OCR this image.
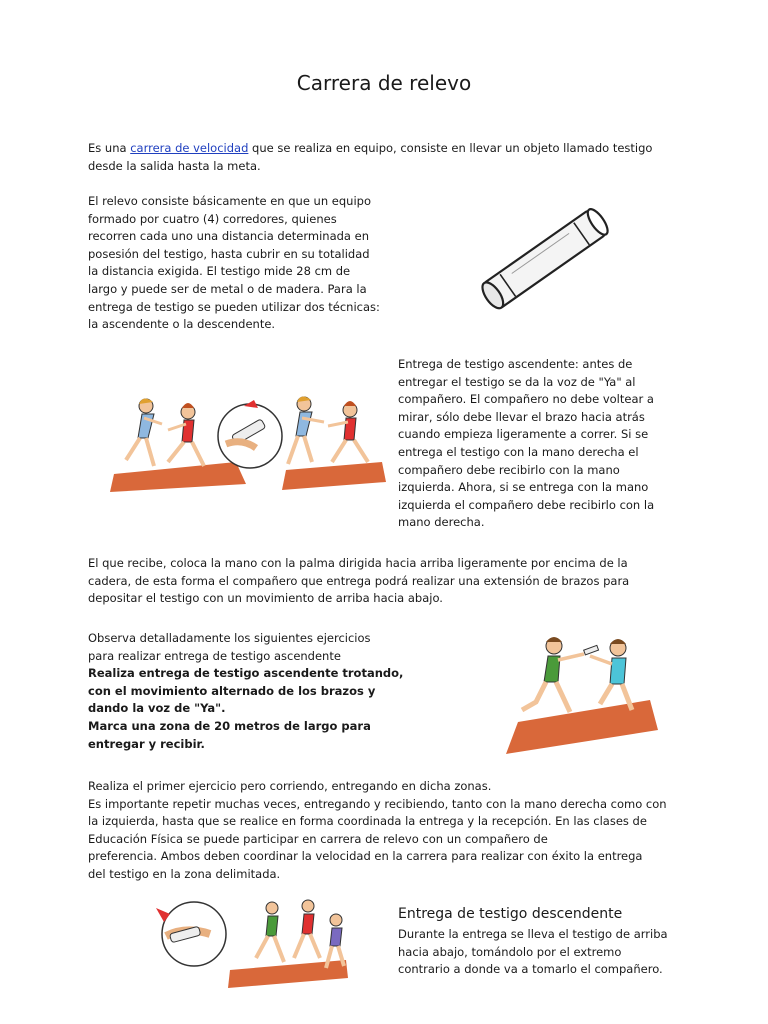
Carrera de relevo

Es una carrera de velocidad que se realiza en equipo, consiste en llevar un objeto llamado testigo
desde la salida hasta la meta.

El relevo consiste básicamente en que un equipo
formado por cuatro (4) corredores, quienes
recorren cada uno una distancia determinada en
posesión del testigo, hasta cubrir en su totalidad
la distancia exigida. El testigo mide 28 cm de
largo y puede ser de metal o de madera. Para la
entrega de testigo se pueden utilizar dos técnicas:
la ascendente o la descendente.

Entrega de testigo ascendente: antes de
entregar el testigo se da la voz de "Ya" al
compañero. El compañero no debe voltear a
mirar, sólo debe llevar el brazo hacia atrás
cuando empieza ligeramente a correr. Si se
entrega el testigo con la mano derecha el
compañero debe recibirlo con la mano
izquierda. Ahora, si se entrega con la mano
izquierda el compañero debe recibirlo con la
mano derecha.

El que recibe, coloca la mano con la palma dirigida hacia arriba ligeramente por encima de la
cadera, de esta forma el compañero que entrega podrá realizar una extensión de brazos para
depositar el testigo con un movimiento de arriba hacia abajo.

Observa detalladamente los siguientes ejercicios
para realizar entrega de testigo ascendente
Realiza entrega de testigo ascendente trotando,
con el movimiento alternado de los brazos y
dando la voz de "Ya".
Marca una zona de 20 metros de largo para
entregar y recibir.

Realiza el primer ejercicio pero corriendo, entregando en dicha zonas.
Es importante repetir muchas veces, entregando y recibiendo, tanto con la mano derecha como con
la izquierda, hasta que se realice en forma coordinada la entrega y la recepción. En las clases de
Educación Física se puede participar en carrera de relevo con un compañero de
preferencia. Ambos deben coordinar la velocidad en la carrera para realizar con éxito la entrega
del testigo en la zona delimitada.

Entrega de testigo descendente

Durante la entrega se lleva el testigo de arriba
hacia abajo, tomándolo por el extremo
contrario a donde va a tomarlo el compañero.
